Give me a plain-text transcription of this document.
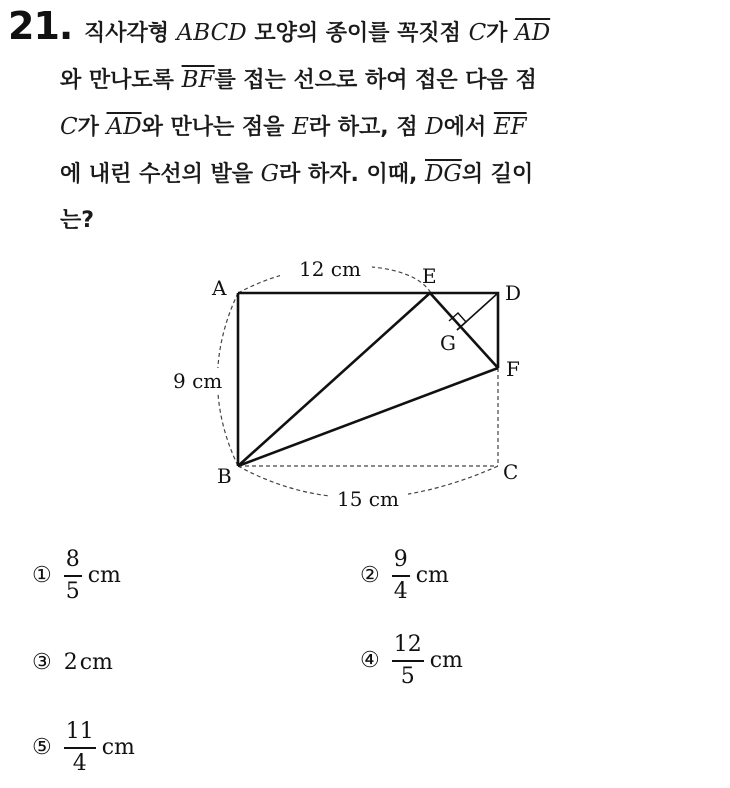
21. 직사각형 ABCD 모양의 종이를 꼭짓점 C가 $\overline{AD}$
와 만나도록 $\overline{BF}$를 접는 선으로 하여 접은 다음 점
C가 $\overline{AD}$와 만나는 점을 E라 하고, 점 D에서 $\overline{EF}$
에 내린 수선의 발을 G라 하자. 이때, $\overline{DG}$의 길이
는?
A
B	C
D
E
F
G
12 cm
9 cm
15 cm
① $\frac{8}{5}$ cm	② $\frac{9}{4}$ cm
③ 2 cm	④ $\frac{12}{5}$ cm
⑤ $\frac{11}{4}$ cm
